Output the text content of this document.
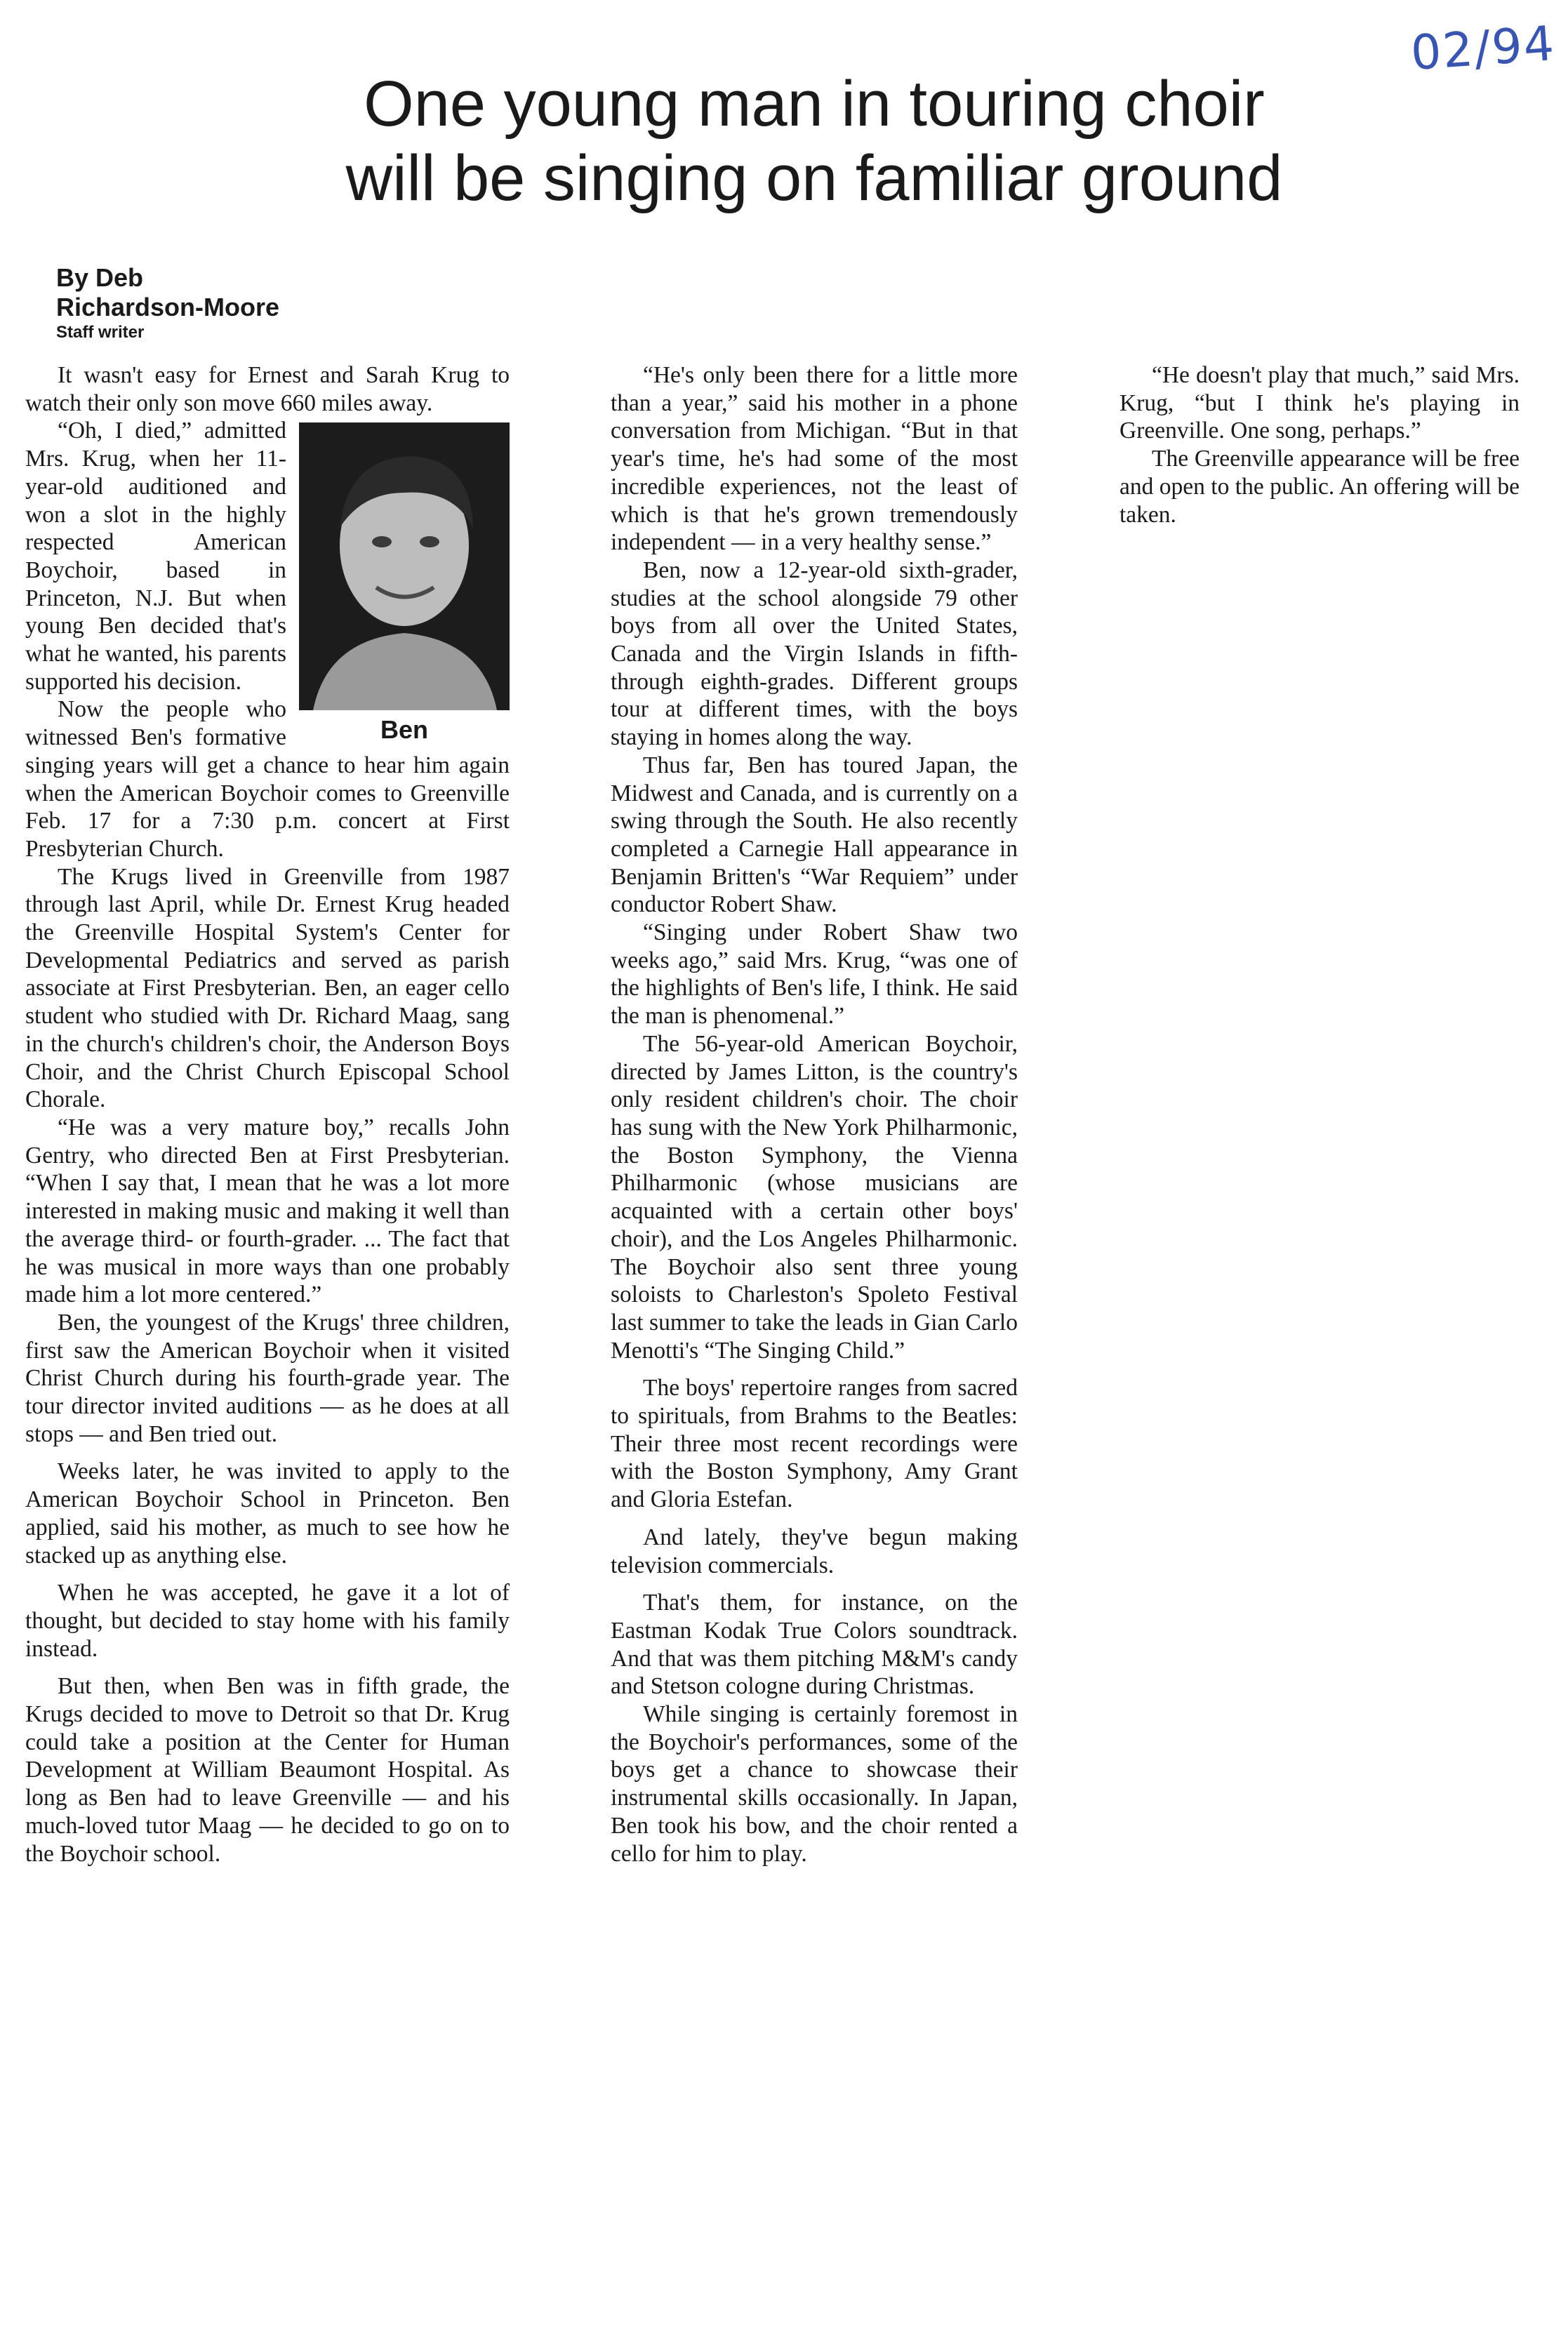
02/94
One young man in touring choir
will be singing on familiar ground
By Deb
Richardson-Moore
Staff writer

It wasn't easy for Ernest and Sarah Krug to watch their only son move 660 miles away.

Ben

“Oh, I died,” admitted Mrs. Krug, when her 11-year-old auditioned and won a slot in the highly respected American Boychoir, based in Princeton, N.J. But when young Ben decided that's what he wanted, his parents supported his decision.

Now the people who witnessed Ben's formative singing years will get a chance to hear him again when the American Boychoir comes to Greenville Feb. 17 for a 7:30 p.m. concert at First Presbyterian Church.

The Krugs lived in Greenville from 1987 through last April, while Dr. Ernest Krug headed the Greenville Hospital System's Center for Developmental Pediatrics and served as parish associate at First Presbyterian. Ben, an eager cello student who studied with Dr. Richard Maag, sang in the church's children's choir, the Anderson Boys Choir, and the Christ Church Episcopal School Chorale.

“He was a very mature boy,” recalls John Gentry, who directed Ben at First Presbyterian. “When I say that, I mean that he was a lot more interested in making music and making it well than the average third- or fourth-grader. ... The fact that he was musical in more ways than one probably made him a lot more centered.”

Ben, the youngest of the Krugs' three children, first saw the American Boychoir when it visited Christ Church during his fourth-grade year. The tour director invited auditions — as he does at all stops — and Ben tried out.

Weeks later, he was invited to apply to the American Boychoir School in Princeton. Ben applied, said his mother, as much to see how he stacked up as anything else.

When he was accepted, he gave it a lot of thought, but decided to stay home with his family instead.

But then, when Ben was in fifth grade, the Krugs decided to move to Detroit so that Dr. Krug could take a position at the Center for Human Development at William Beaumont Hospital. As long as Ben had to leave Greenville — and his much-loved tutor Maag — he decided to go on to the Boychoir school.

“He's only been there for a little more than a year,” said his mother in a phone conversation from Michigan. “But in that year's time, he's had some of the most incredible experiences, not the least of which is that he's grown tremendously independent — in a very healthy sense.”

Ben, now a 12-year-old sixth-grader, studies at the school alongside 79 other boys from all over the United States, Canada and the Virgin Islands in fifth- through eighth-grades. Different groups tour at different times, with the boys staying in homes along the way.

Thus far, Ben has toured Japan, the Midwest and Canada, and is currently on a swing through the South. He also recently completed a Carnegie Hall appearance in Benjamin Britten's “War Requiem” under conductor Robert Shaw.

“Singing under Robert Shaw two weeks ago,” said Mrs. Krug, “was one of the highlights of Ben's life, I think. He said the man is phenomenal.”

The 56-year-old American Boychoir, directed by James Litton, is the country's only resident children's choir. The choir has sung with the New York Philharmonic, the Boston Symphony, the Vienna Philharmonic (whose musicians are acquainted with a certain other boys' choir), and the Los Angeles Philharmonic. The Boychoir also sent three young soloists to Charleston's Spoleto Festival last summer to take the leads in Gian Carlo Menotti's “The Singing Child.”

The boys' repertoire ranges from sacred to spirituals, from Brahms to the Beatles: Their three most recent recordings were with the Boston Symphony, Amy Grant and Gloria Estefan.

And lately, they've begun making television commercials.

That's them, for instance, on the Eastman Kodak True Colors soundtrack. And that was them pitching M&M's candy and Stetson cologne during Christmas.

While singing is certainly foremost in the Boychoir's performances, some of the boys get a chance to showcase their instrumental skills occasionally. In Japan, Ben took his bow, and the choir rented a cello for him to play.

“He doesn't play that much,” said Mrs. Krug, “but I think he's playing in Greenville. One song, perhaps.”

The Greenville appearance will be free and open to the public. An offering will be taken.
